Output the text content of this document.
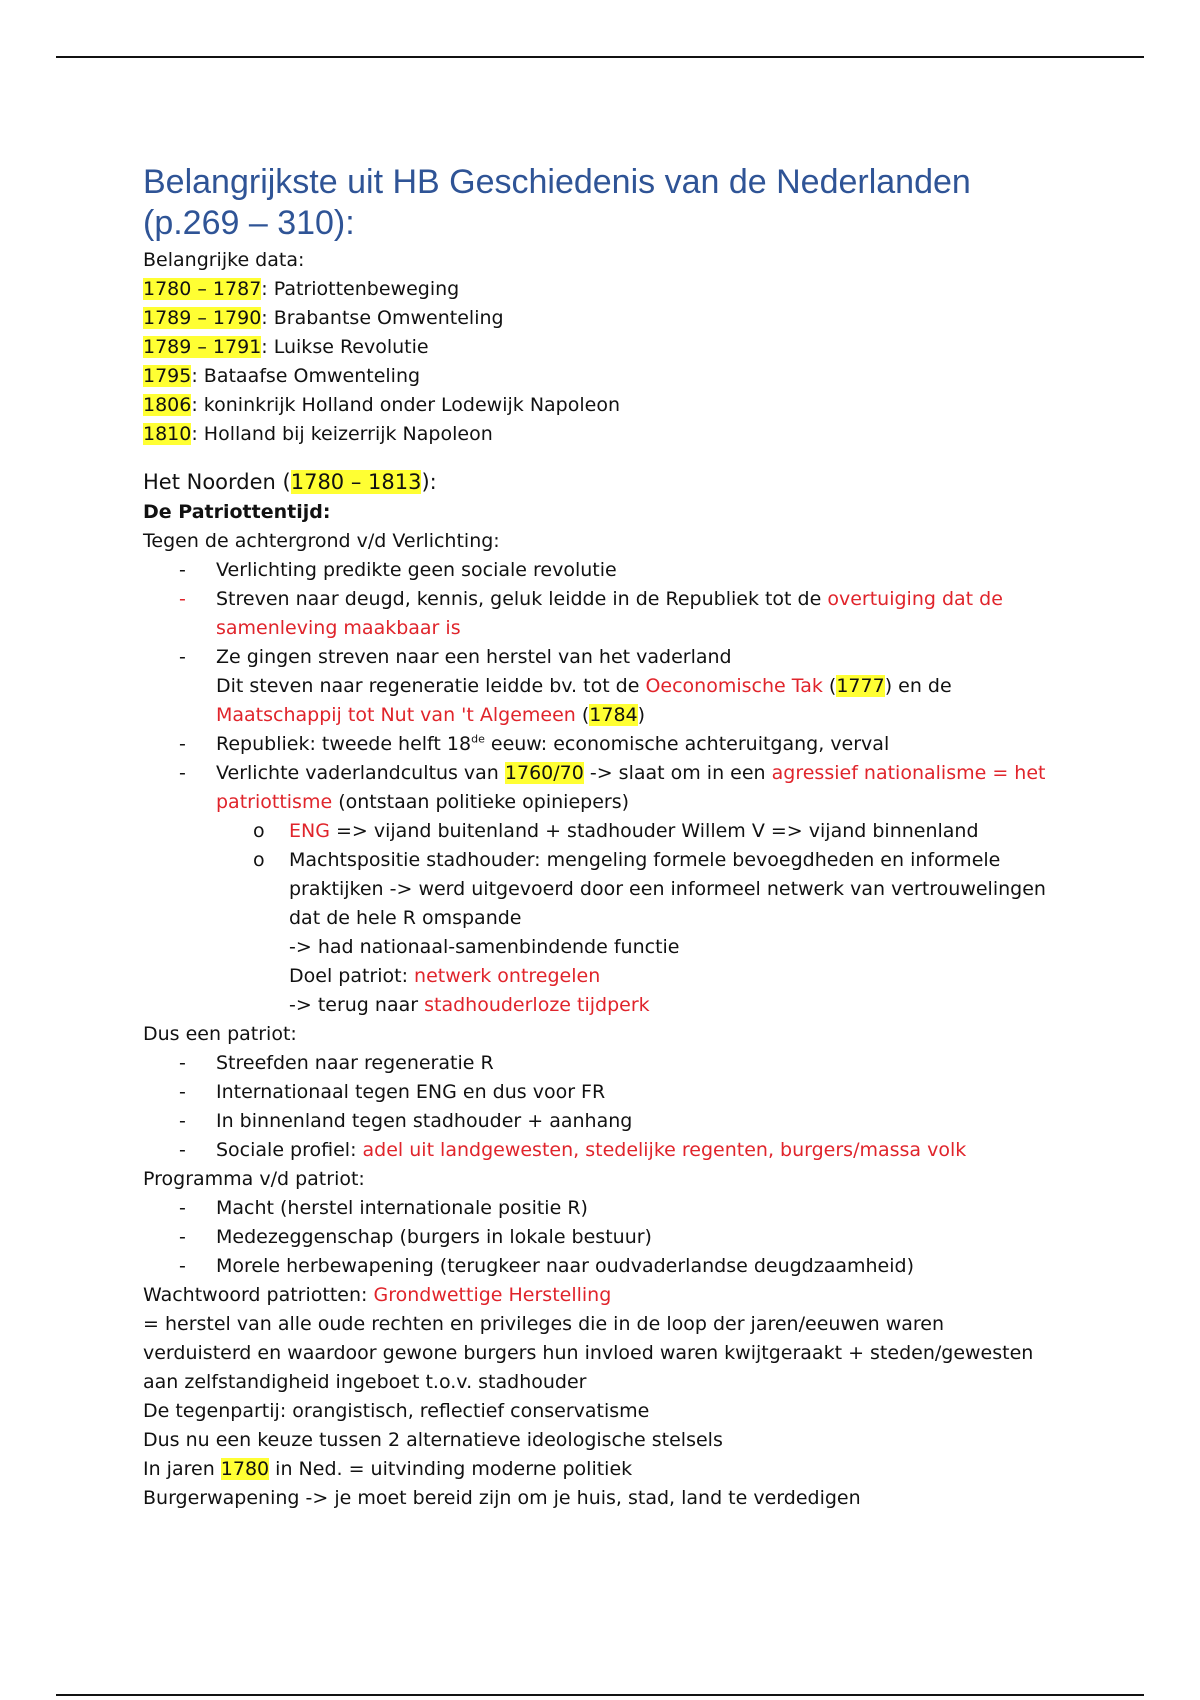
Belangrijkste uit HB Geschiedenis van de Nederlanden (p.269 – 310):
Belangrijke data:
1780 – 1787: Patriottenbeweging
1789 – 1790: Brabantse Omwenteling
1789 – 1791: Luikse Revolutie
1795: Bataafse Omwenteling
1806: koninkrijk Holland onder Lodewijk Napoleon
1810: Holland bij keizerrijk Napoleon
Het Noorden (1780 – 1813):
De Patriottentijd:
Tegen de achtergrond v/d Verlichting:
- Verlichting predikte geen sociale revolutie
- Streven naar deugd, kennis, geluk leidde in de Republiek tot de overtuiging dat de samenleving maakbaar is
- Ze gingen streven naar een herstel van het vaderland
Dit steven naar regeneratie leidde bv. tot de Oeconomische Tak (1777) en de Maatschappij tot Nut van 't Algemeen (1784)
- Republiek: tweede helft 18de eeuw: economische achteruitgang, verval
- Verlichte vaderlandcultus van 1760/70 -> slaat om in een agressief nationalisme = het patriottisme (ontstaan politieke opiniepers)
o ENG => vijand buitenland + stadhouder Willem V => vijand binnenland
o Machtspositie stadhouder: mengeling formele bevoegdheden en informele praktijken -> werd uitgevoerd door een informeel netwerk van vertrouwelingen dat de hele R omspande
-> had nationaal-samenbindende functie
Doel patriot: netwerk ontregelen
-> terug naar stadhouderloze tijdperk
Dus een patriot:
- Streefden naar regeneratie R
- Internationaal tegen ENG en dus voor FR
- In binnenland tegen stadhouder + aanhang
- Sociale profiel: adel uit landgewesten, stedelijke regenten, burgers/massa volk
Programma v/d patriot:
- Macht (herstel internationale positie R)
- Medezeggenschap (burgers in lokale bestuur)
- Morele herbewapening (terugkeer naar oudvaderlandse deugdzaamheid)
Wachtwoord patriotten: Grondwettige Herstelling
= herstel van alle oude rechten en privileges die in de loop der jaren/eeuwen waren verduisterd en waardoor gewone burgers hun invloed waren kwijtgeraakt + steden/gewesten aan zelfstandigheid ingeboet t.o.v. stadhouder
De tegenpartij: orangistisch, reflectief conservatisme
Dus nu een keuze tussen 2 alternatieve ideologische stelsels
In jaren 1780 in Ned. = uitvinding moderne politiek
Burgerwapening -> je moet bereid zijn om je huis, stad, land te verdedigen
